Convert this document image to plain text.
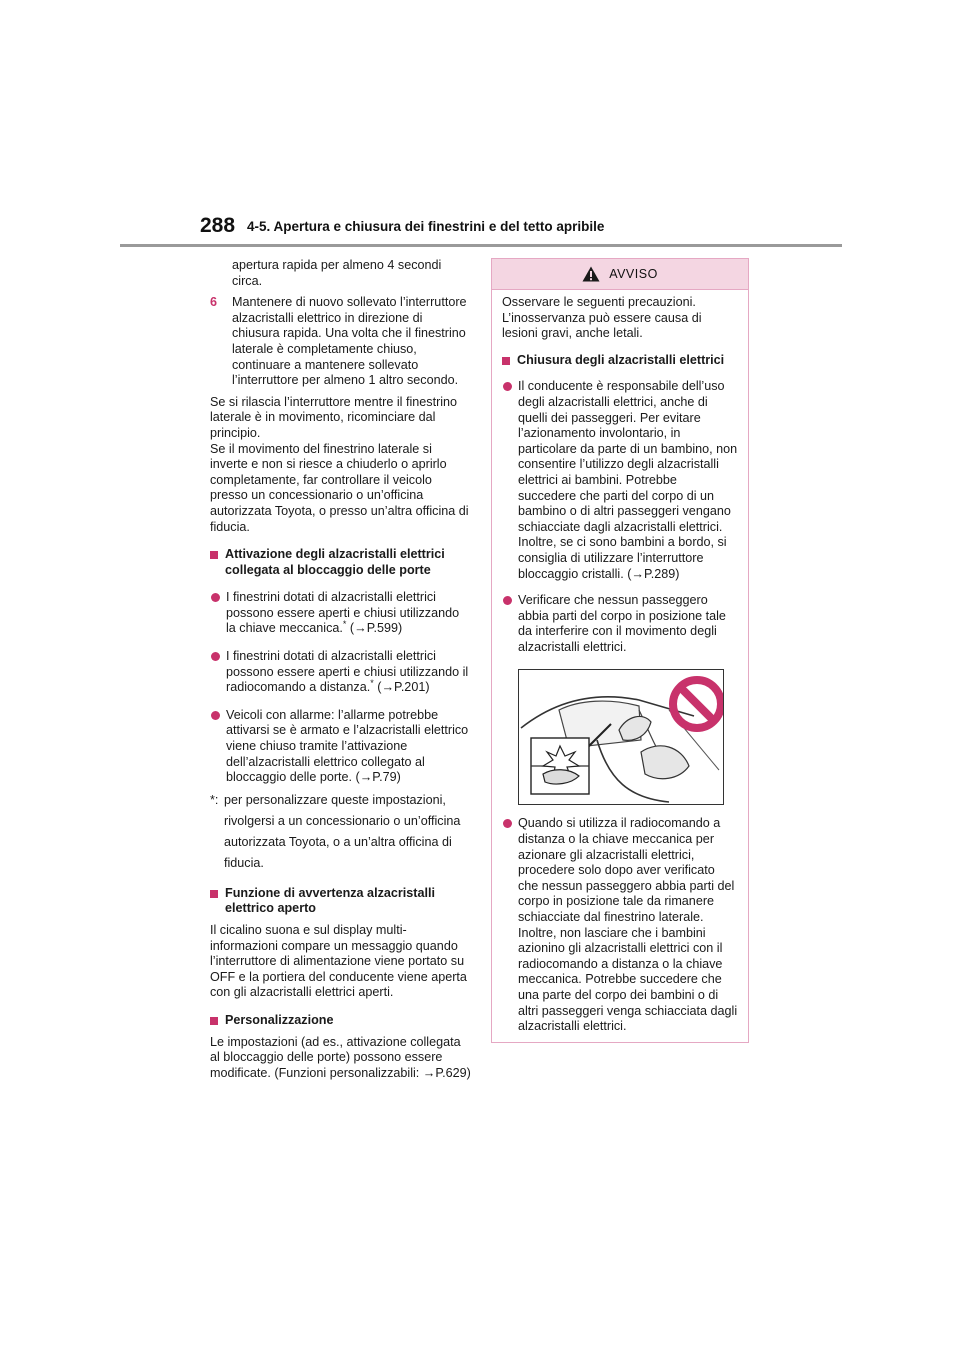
288 4-5. Apertura e chiusura dei finestrini e del tetto apribile

apertura rapida per almeno 4 secondi circa.

6	Mantenere di nuovo sollevato l’interruttore alzacristalli elettrico in direzione di chiusura rapida. Una volta che il finestrino laterale è completamente chiuso, continuare a mantenere sollevato l’interruttore per almeno 1 altro secondo.

Se si rilascia l’interruttore mentre il finestrino laterale è in movimento, ricominciare dal principio.

Se il movimento del finestrino laterale si inverte e non si riesce a chiuderlo o aprirlo completamente, far controllare il veicolo presso un concessionario o un’officina autorizzata Toyota, o presso un’altra officina di fiducia.

Attivazione degli alzacristalli elettrici collegata al bloccaggio delle porte
I finestrini dotati di alzacristalli elettrici possono essere aperti e chiusi utilizzando la chiave meccanica.* (→P.599)
I finestrini dotati di alzacristalli elettrici possono essere aperti e chiusi utilizzando il radiocomando a distanza.* (→P.201)
Veicoli con allarme: l’allarme potrebbe attivarsi se è armato e l’alzacristalli elettrico viene chiuso tramite l’attivazione dell’alzacristalli elettrico collegato al bloccaggio delle porte. (→P.79)
*: per personalizzare queste impostazioni, rivolgersi a un concessionario o un’officina autorizzata Toyota, o a un’altra officina di fiducia.
Funzione di avvertenza alzacristalli elettrico aperto

Il cicalino suona e sul display multi-informazioni compare un messaggio quando l’interruttore di alimentazione viene portato su OFF e la portiera del conducente viene aperta con gli alzacristalli elettrici aperti.

Personalizzazione

Le impostazioni (ad es., attivazione collegata al bloccaggio delle porte) possono essere modificate. (Funzioni personalizzabili: →P.629)

AVVISO

Osservare le seguenti precauzioni. L’inosservanza può essere causa di lesioni gravi, anche letali.

Chiusura degli alzacristalli elettrici
Il conducente è responsabile dell’uso degli alzacristalli elettrici, anche di quelli dei passeggeri. Per evitare l’azionamento involontario, in particolare da parte di un bambino, non consentire l’utilizzo degli alzacristalli elettrici ai bambini. Potrebbe succedere che parti del corpo di un bambino o di altri passeggeri vengano schiacciate dagli alzacristalli elettrici. Inoltre, se ci sono bambini a bordo, si consiglia di utilizzare l’interruttore bloccaggio cristalli. (→P.289)
Verificare che nessun passeggero abbia parti del corpo in posizione tale da interferire con il movimento degli alzacristalli elettrici.
Quando si utilizza il radiocomando a distanza o la chiave meccanica per azionare gli alzacristalli elettrici, procedere solo dopo aver verificato che nessun passeggero abbia parti del corpo in posizione tale da rimanere schiacciate dal finestrino laterale. Inoltre, non lasciare che i bambini azionino gli alzacristalli elettrici con il radiocomando a distanza o la chiave meccanica. Potrebbe succedere che una parte del corpo dei bambini o di altri passeggeri venga schiacciata dagli alzacristalli elettrici.
